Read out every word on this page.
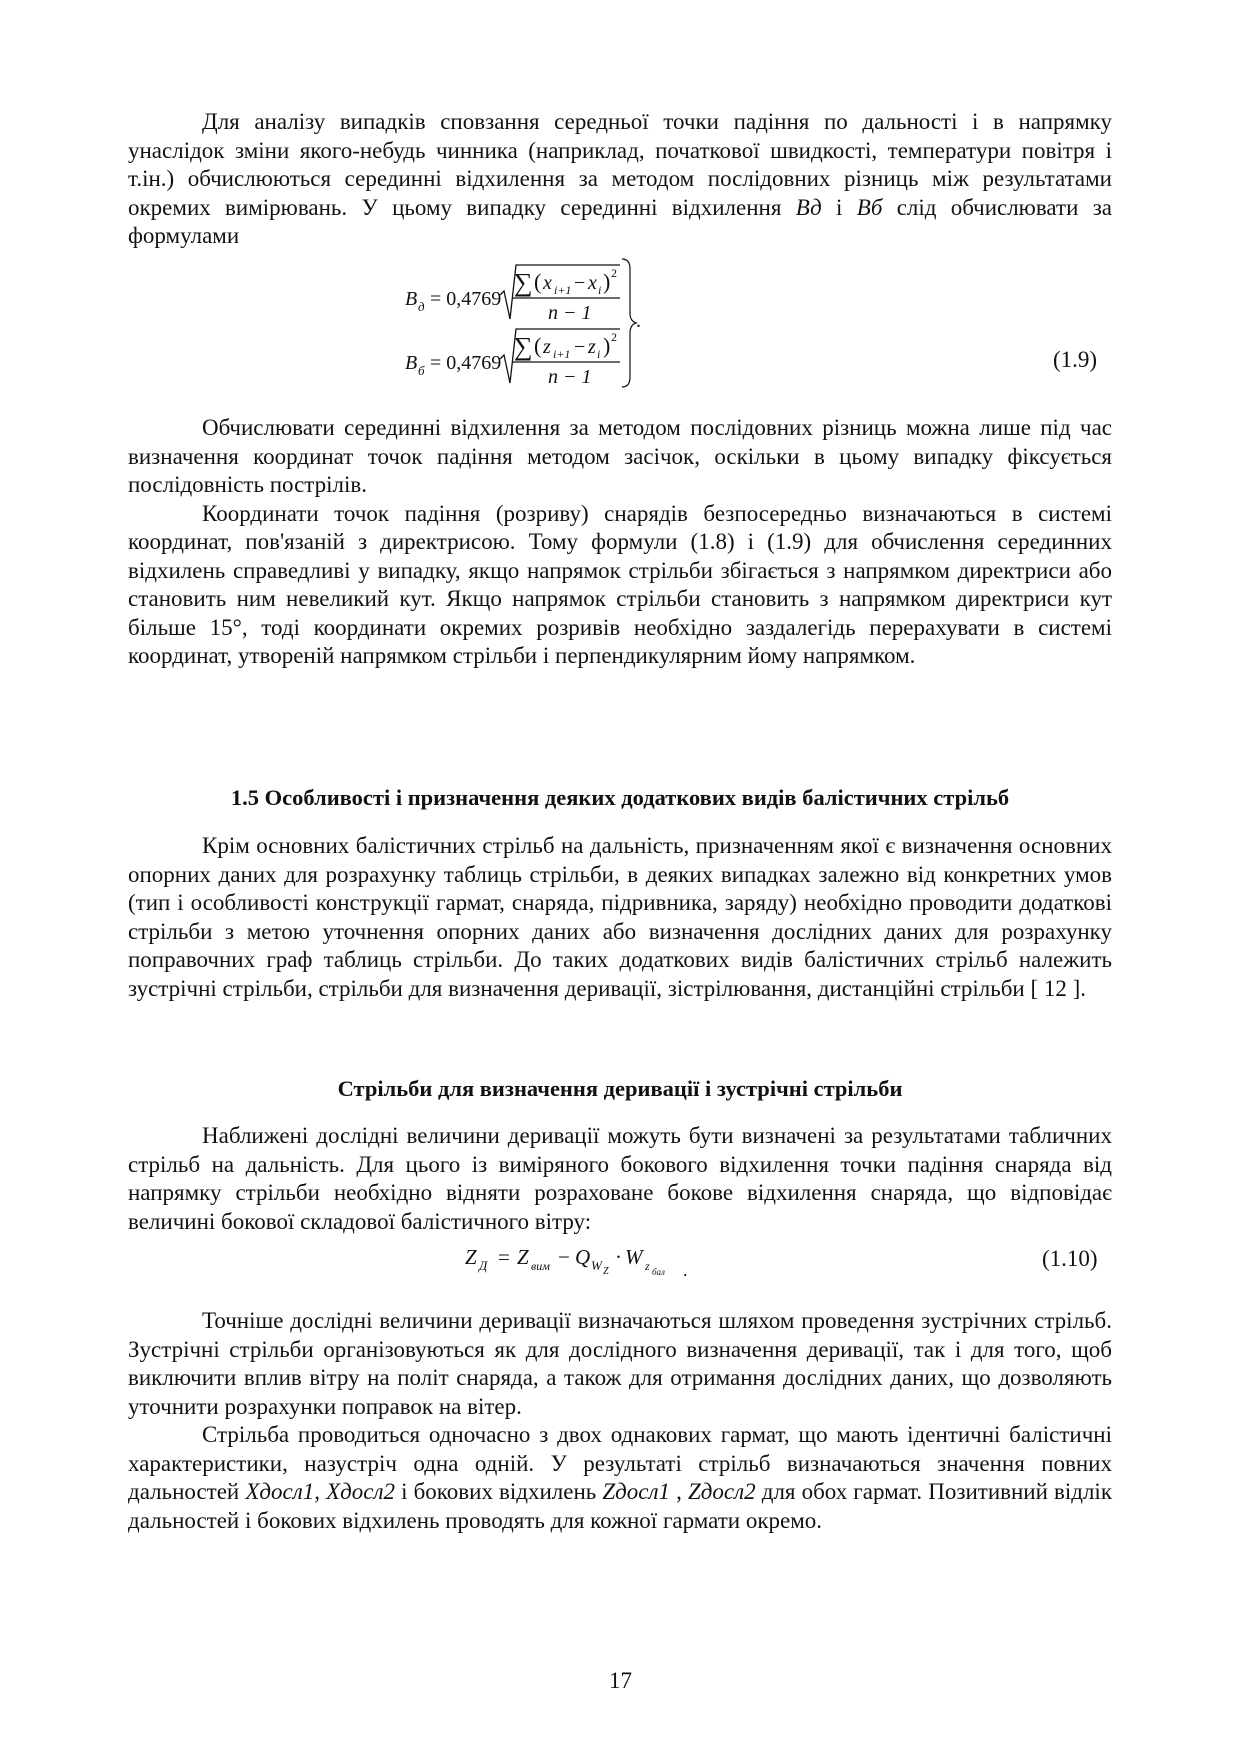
Для аналізу випадків сповзання середньої точки падіння по дальності і в напрямку унаслідок зміни якого-небудь чинника (наприклад, початкової швидкості, температури повітря і т.ін.) обчислюються серединні відхилення за методом послідовних різниць між результатами окремих вимірювань. У цьому випадку серединні відхилення Вд і Вб слід обчислювати за формулами

B д = 0,4769
∑ ( x i+1 − x i ) 2
n − 1
B б = 0,4769
∑ ( z i+1 − z i ) 2
n − 1
.
(1.9)

Обчислювати серединні відхилення за методом послідовних різниць можна лише під час визначення координат точок падіння методом засічок, оскільки в цьому випадку фіксується послідовність пострілів.

Координати точок падіння (розриву) снарядів безпосередньо визначаються в системі координат, пов'язаній з директрисою. Тому формули (1.8) і (1.9) для обчислення серединних відхилень справедливі у випадку, якщо напрямок стрільби збігається з напрямком директриси або становить ним невеликий кут. Якщо напрямок стрільби становить з напрямком директриси кут більше 15°, тоді координати окремих розривів необхідно заздалегідь перерахувати в системі координат, утвореній напрямком стрільби і перпендикулярним йому напрямком.

1.5 Особливості і призначення деяких додаткових видів балістичних стрільб

Крім основних балістичних стрільб на дальність, призначенням якої є визначення основних опорних даних для розрахунку таблиць стрільби, в деяких випадках залежно від конкретних умов (тип і особливості конструкції гармат, снаряда, підривника, заряду) необхідно проводити додаткові стрільби з метою уточнення опорних даних або визначення дослідних даних для розрахунку поправочних граф таблиць стрільби. До таких додаткових видів балістичних стрільб належить зустрічні стрільби, стрільби для визначення деривації, зістрілювання, дистанційні стрільби [ 12 ].

Стрільби для визначення деривації і зустрічні стрільби

Наближені дослідні величини деривації можуть бути визначені за результатами табличних стрільб на дальність. Для цього із виміряного бокового відхилення точки падіння снаряда від напрямку стрільби необхідно відняти розраховане бокове відхилення снаряда, що відповідає величині бокової складової балістичного вітру:

Z Д = Z вим − Q W Z
· W z бал .	(1.10)

Точніше дослідні величини деривації визначаються шляхом проведення зустрічних стрільб. Зустрічні стрільби організовуються як для дослідного визначення деривації, так і для того, щоб виключити вплив вітру на політ снаряда, а також для отримання дослідних даних, що дозволяють уточнити розрахунки поправок на вітер.

Стрільба проводиться одночасно з двох однакових гармат, що мають ідентичні балістичні характеристики, назустріч одна одній. У результаті стрільб визначаються значення повних дальностей Xдосл1, Xдосл2 і бокових відхилень Zдосл1 , Zдосл2 для обох гармат. Позитивний відлік дальностей і бокових відхилень проводять для кожної гармати окремо.

17
